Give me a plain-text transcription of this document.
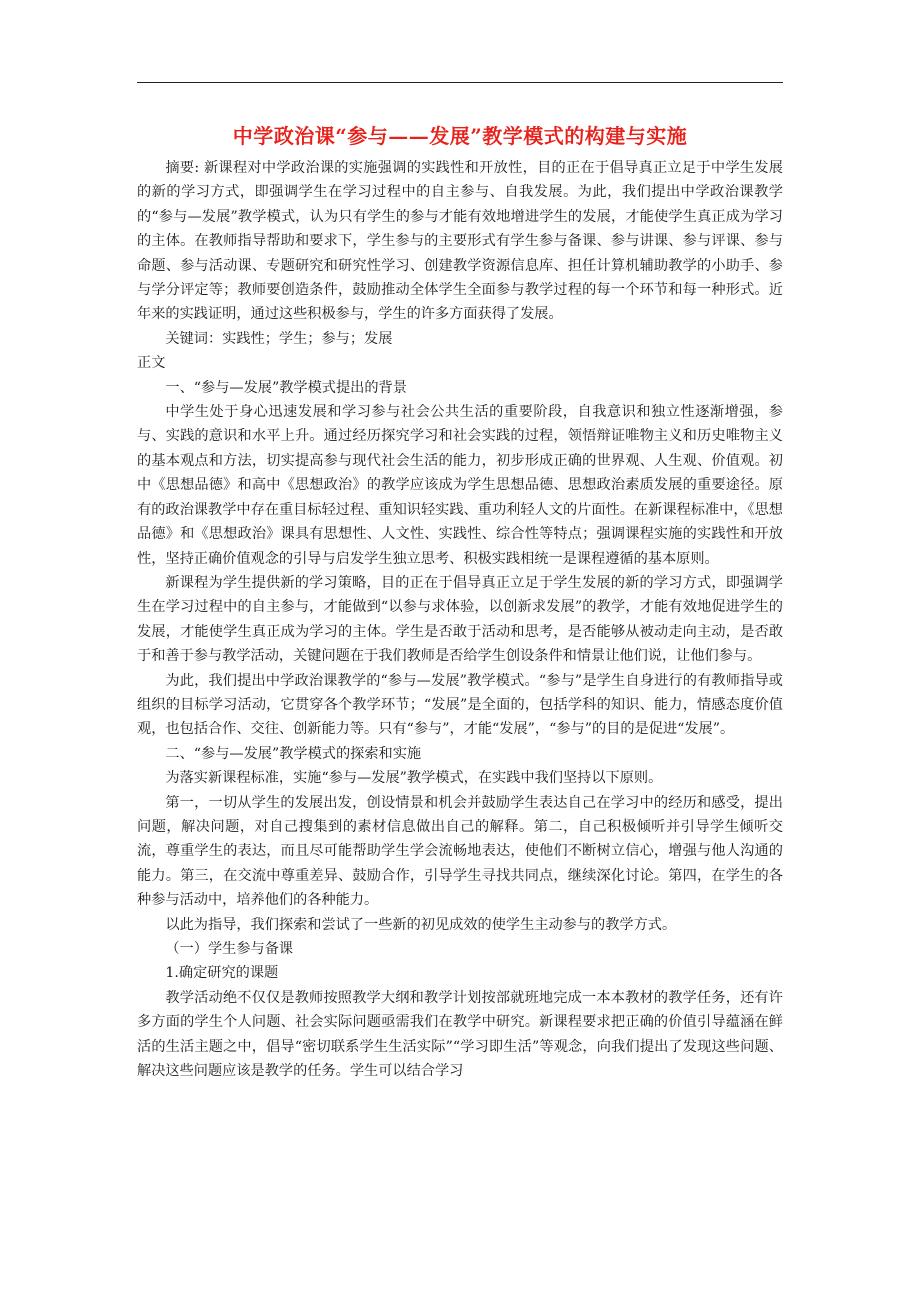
中学政治课“参与——发展”教学模式的构建与实施

摘要: 新课程对中学政治课的实施强调的实践性和开放性，目的正在于倡导真正立足于中学生发展的新的学习方式，即强调学生在学习过程中的自主参与、自我发展。为此，我们提出中学政治课教学的“参与—发展”教学模式，认为只有学生的参与才能有效地增进学生的发展，才能使学生真正成为学习的主体。在教师指导帮助和要求下，学生参与的主要形式有学生参与备课、参与讲课、参与评课、参与命题、参与活动课、专题研究和研究性学习、创建教学资源信息库、担任计算机辅助教学的小助手、参与学分评定等；教师要创造条件，鼓励推动全体学生全面参与教学过程的每一个环节和每一种形式。近年来的实践证明，通过这些积极参与，学生的许多方面获得了发展。

关键词：实践性；学生；参与；发展

正文

一、“参与—发展”教学模式提出的背景

中学生处于身心迅速发展和学习参与社会公共生活的重要阶段，自我意识和独立性逐渐增强，参与、实践的意识和水平上升。通过经历探究学习和社会实践的过程，领悟辩证唯物主义和历史唯物主义的基本观点和方法，切实提高参与现代社会生活的能力，初步形成正确的世界观、人生观、价值观。初中《思想品德》和高中《思想政治》的教学应该成为学生思想品德、思想政治素质发展的重要途径。原有的政治课教学中存在重目标轻过程、重知识轻实践、重功利轻人文的片面性。在新课程标准中，《思想品德》和《思想政治》课具有思想性、人文性、实践性、综合性等特点；强调课程实施的实践性和开放性，坚持正确价值观念的引导与启发学生独立思考、积极实践相统一是课程遵循的基本原则。

新课程为学生提供新的学习策略，目的正在于倡导真正立足于学生发展的新的学习方式，即强调学生在学习过程中的自主参与，才能做到“以参与求体验，以创新求发展”的教学，才能有效地促进学生的发展，才能使学生真正成为学习的主体。学生是否敢于活动和思考，是否能够从被动走向主动，是否敢于和善于参与教学活动，关键问题在于我们教师是否给学生创设条件和情景让他们说，让他们参与。

为此，我们提出中学政治课教学的“参与—发展”教学模式。“参与”是学生自身进行的有教师指导或组织的目标学习活动，它贯穿各个教学环节；“发展”是全面的，包括学科的知识、能力，情感态度价值观，也包括合作、交往、创新能力等。只有“参与”，才能“发展”，“参与”的目的是促进“发展”。

二、“参与—发展”教学模式的探索和实施

为落实新课程标准，实施“参与—发展”教学模式，在实践中我们坚持以下原则。

第一，一切从学生的发展出发，创设情景和机会并鼓励学生表达自己在学习中的经历和感受，提出问题，解决问题，对自己搜集到的素材信息做出自己的解释。第二，自己积极倾听并引导学生倾听交流，尊重学生的表达，而且尽可能帮助学生学会流畅地表达，使他们不断树立信心，增强与他人沟通的能力。第三，在交流中尊重差异、鼓励合作，引导学生寻找共同点，继续深化讨论。第四，在学生的各种参与活动中，培养他们的各种能力。

以此为指导，我们探索和尝试了一些新的初见成效的使学生主动参与的教学方式。

（一）学生参与备课

1.确定研究的课题

教学活动绝不仅仅是教师按照教学大纲和教学计划按部就班地完成一本本教材的教学任务，还有许多方面的学生个人问题、社会实际问题亟需我们在教学中研究。新课程要求把正确的价值引导蕴涵在鲜活的生活主题之中，倡导“密切联系学生生活实际”“学习即生活”等观念，向我们提出了发现这些问题、解决这些问题应该是教学的任务。学生可以结合学习
